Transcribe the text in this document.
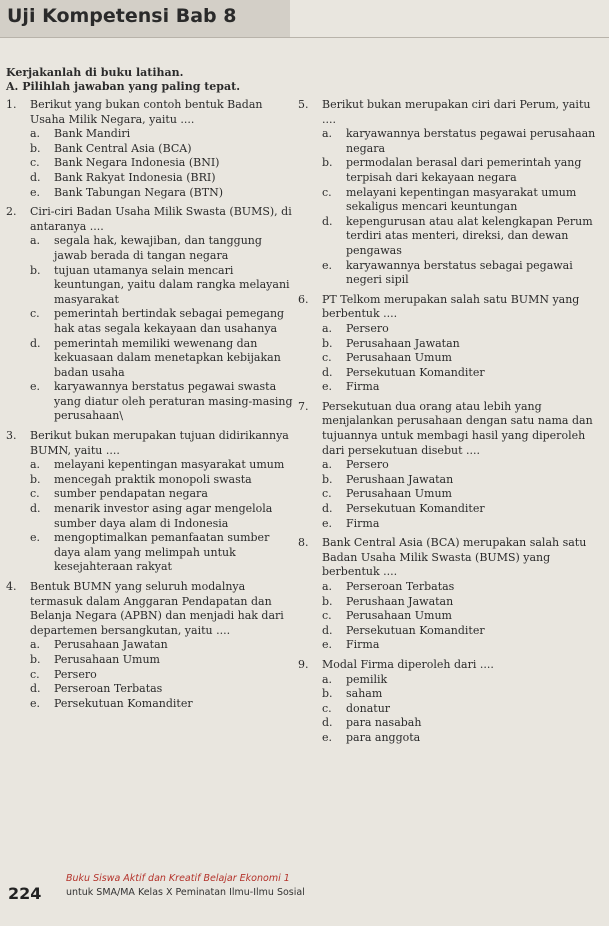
Uji Kompetensi Bab 8
Kerjakanlah di buku latihan.
A. Pilihlah jawaban yang paling tepat.
1.	Berikut yang bukan contoh bentuk Badan Usaha Milik Negara, yaitu ....
a.	Bank Mandiri
b.	Bank Central Asia (BCA)
c.	Bank Negara Indonesia (BNI)
d.	Bank Rakyat Indonesia (BRI)
e.	Bank Tabungan Negara (BTN)
2.	Ciri-ciri Badan Usaha Milik Swasta (BUMS), di antaranya ....
a.	segala hak, kewajiban, dan tanggung jawab berada di tangan negara
b.	tujuan utamanya selain mencari keuntungan, yaitu dalam rangka melayani masyarakat
c.	pemerintah bertindak sebagai pemegang hak atas segala kekayaan dan usahanya
d.	pemerintah memiliki wewenang dan kekuasaan dalam menetapkan kebijakan badan usaha
e.	karyawannya berstatus pegawai swasta yang diatur oleh peraturan masing-masing perusahaan\
3.	Berikut bukan merupakan tujuan didirikannya BUMN, yaitu ....
a.	melayani kepentingan masyarakat umum
b.	mencegah praktik monopoli swasta
c.	sumber pendapatan negara
d.	menarik investor asing agar mengelola sumber daya alam di Indonesia
e.	mengoptimalkan pemanfaatan sumber daya alam yang melimpah untuk kesejahteraan rakyat
4.	Bentuk BUMN yang seluruh modalnya termasuk dalam Anggaran Pendapatan dan Belanja Negara (APBN) dan menjadi hak dari departemen bersangkutan, yaitu ....
a.	Perusahaan Jawatan
b.	Perusahaan Umum
c.	Persero
d.	Perseroan Terbatas
e.	Persekutuan Komanditer
5.	Berikut bukan merupakan ciri dari Perum, yaitu ....
a.	karyawannya berstatus pegawai perusahaan negara
b.	permodalan berasal dari pemerintah yang terpisah dari kekayaan negara
c.	melayani kepentingan masyarakat umum sekaligus mencari keuntungan
d.	kepengurusan atau alat kelengkapan Perum terdiri atas menteri, direksi, dan dewan pengawas
e.	karyawannya berstatus sebagai pegawai negeri sipil
6.	PT Telkom merupakan salah satu BUMN yang berbentuk ....
a.	Persero
b.	Perusahaan Jawatan
c.	Perusahaan Umum
d.	Persekutuan Komanditer
e.	Firma
7.	Persekutuan dua orang atau lebih yang menjalankan perusahaan dengan satu nama dan tujuannya untuk membagi hasil yang diperoleh dari persekutuan disebut ....
a.	Persero
b.	Perushaan Jawatan
c.	Perusahaan Umum
d.	Persekutuan Komanditer
e.	Firma
8.	Bank Central Asia (BCA) merupakan salah satu Badan Usaha Milik Swasta (BUMS) yang berbentuk ....
a.	Perseroan Terbatas
b.	Perushaan Jawatan
c.	Perusahaan Umum
d.	Persekutuan Komanditer
e.	Firma
9.	Modal Firma diperoleh dari ....
a.	pemilik
b.	saham
c.	donatur
d.	para nasabah
e.	para anggota
224
Buku Siswa Aktif dan Kreatif Belajar Ekonomi 1
untuk SMA/MA Kelas X Peminatan Ilmu-Ilmu Sosial
